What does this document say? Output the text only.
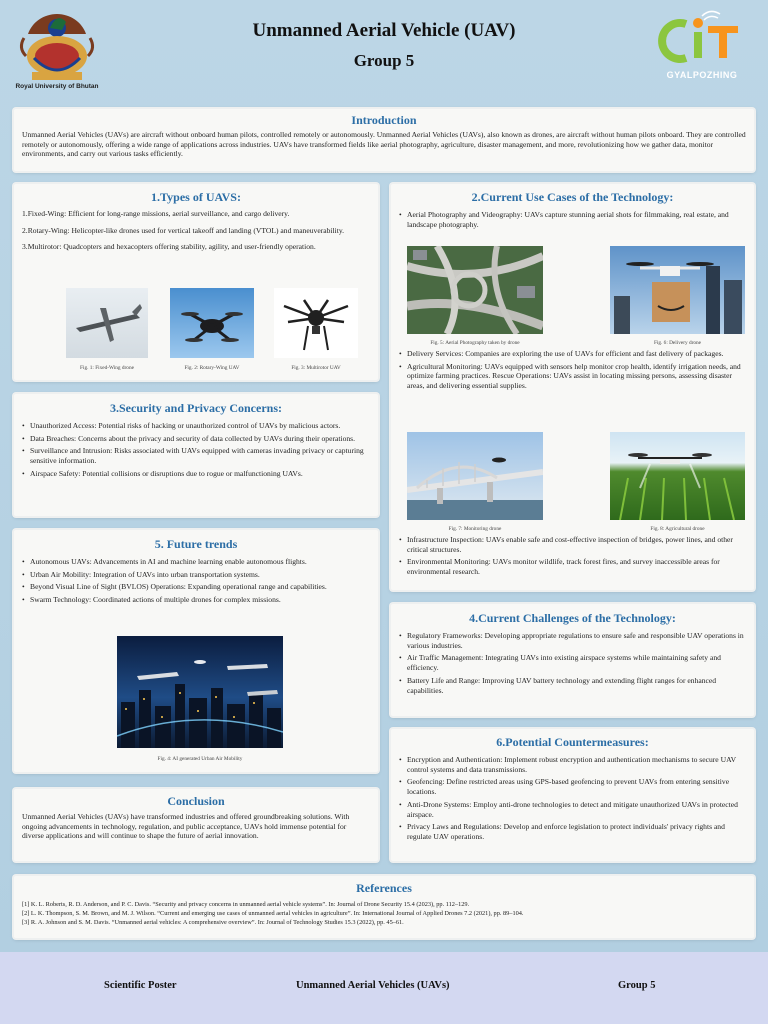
Royal University of Bhutan
Unmanned Aerial Vehicle (UAV)
Group 5
GYALPOZHING
Introduction
Unmanned Aerial Vehicles (UAVs) are aircraft without onboard human pilots, controlled remotely or autonomously. Unmanned Aerial Vehicles (UAVs), also known as drones, are aircraft without human pilots onboard. They are controlled remotely or autonomously, offering a wide range of applications across industries. UAVs have transformed fields like aerial photography, agriculture, disaster management, and more, revolutionizing how we gather data, monitor environments, and carry out various tasks efficiently.
1.Types of UAVS:
1.Fixed-Wing: Efficient for long-range missions, aerial surveillance, and cargo delivery.
2.Rotary-Wing: Helicopter-like drones used for vertical takeoff and landing (VTOL) and maneuverability.
3.Multirotor: Quadcopters and hexacopters offering stability, agility, and user-friendly operation.
Fig. 1: Fixed-Wing drone	Fig. 2: Rotary-Wing UAV	Fig. 3: Multirotor UAV
3.Security and Privacy Concerns:
• Unauthorized Access: Potential risks of hacking or unauthorized control of UAVs by malicious actors.
• Data Breaches: Concerns about the privacy and security of data collected by UAVs during their operations.
• Surveillance and Intrusion: Risks associated with UAVs equipped with cameras invading privacy or capturing sensitive information.
• Airspace Safety: Potential collisions or disruptions due to rogue or malfunctioning UAVs.
5. Future trends
• Autonomous UAVs: Advancements in AI and machine learning enable autonomous flights.
• Urban Air Mobility: Integration of UAVs into urban transportation systems.
• Beyond Visual Line of Sight (BVLOS) Operations: Expanding operational range and capabilities.
• Swarm Technology: Coordinated actions of multiple drones for complex missions.
Fig. 4: AI generated Urban Air Mobility
Conclusion
Unmanned Aerial Vehicles (UAVs) have transformed industries and offered groundbreaking solutions. With ongoing advancements in technology, regulation, and public acceptance, UAVs hold immense potential for diverse applications and will continue to shape the future of aerial innovation.
2.Current Use Cases of the Technology:
• Aerial Photography and Videography: UAVs capture stunning aerial shots for filmmaking, real estate, and landscape photography.
Fig. 5: Aerial Photography taken by drone	Fig. 6: Delivery drone
• Delivery Services: Companies are exploring the use of UAVs for efficient and fast delivery of packages.
• Agricultural Monitoring: UAVs equipped with sensors help monitor crop health, identify irrigation needs, and optimize farming practices. Rescue Operations: UAVs assist in locating missing persons, assessing disaster areas, and delivering essential supplies.
Fig. 7: Monitoring drone	Fig. 8: Agricultural drone
• Infrastructure Inspection: UAVs enable safe and cost-effective inspection of bridges, power lines, and other critical structures.
• Environmental Monitoring: UAVs monitor wildlife, track forest fires, and survey inaccessible areas for environmental research.
4.Current Challenges of the Technology:
• Regulatory Frameworks: Developing appropriate regulations to ensure safe and responsible UAV operations in various industries.
• Air Traffic Management: Integrating UAVs into existing airspace systems while maintaining safety and efficiency.
• Battery Life and Range: Improving UAV battery technology and extending flight ranges for enhanced capabilities.
6.Potential Countermeasures:
• Encryption and Authentication: Implement robust encryption and authentication mechanisms to secure UAV control systems and data transmissions.
• Geofencing: Define restricted areas using GPS-based geofencing to prevent UAVs from entering sensitive locations.
• Anti-Drone Systems: Employ anti-drone technologies to detect and mitigate unauthorized UAVs in protected airspace.
• Privacy Laws and Regulations: Develop and enforce legislation to protect individuals' privacy rights and regulate UAV operations.
References
[1] K. L. Roberts, R. D. Anderson, and P. C. Davis. “Security and privacy concerns in unmanned aerial vehicle systems”. In: Journal of Drone Security 15.4 (2023), pp. 112–129.
[2] L. K. Thompson, S. M. Brown, and M. J. Wilson. “Current and emerging use cases of unmanned aerial vehicles in agriculture”. In: International Journal of Applied Drones 7.2 (2021), pp. 89–104.
[3] R. A. Johnson and S. M. Davis. “Unmanned aerial vehicles: A comprehensive overview”. In: Journal of Technology Studies 15.3 (2022), pp. 45–61.
Scientific Poster	Unmanned Aerial Vehicles (UAVs)	Group 5
